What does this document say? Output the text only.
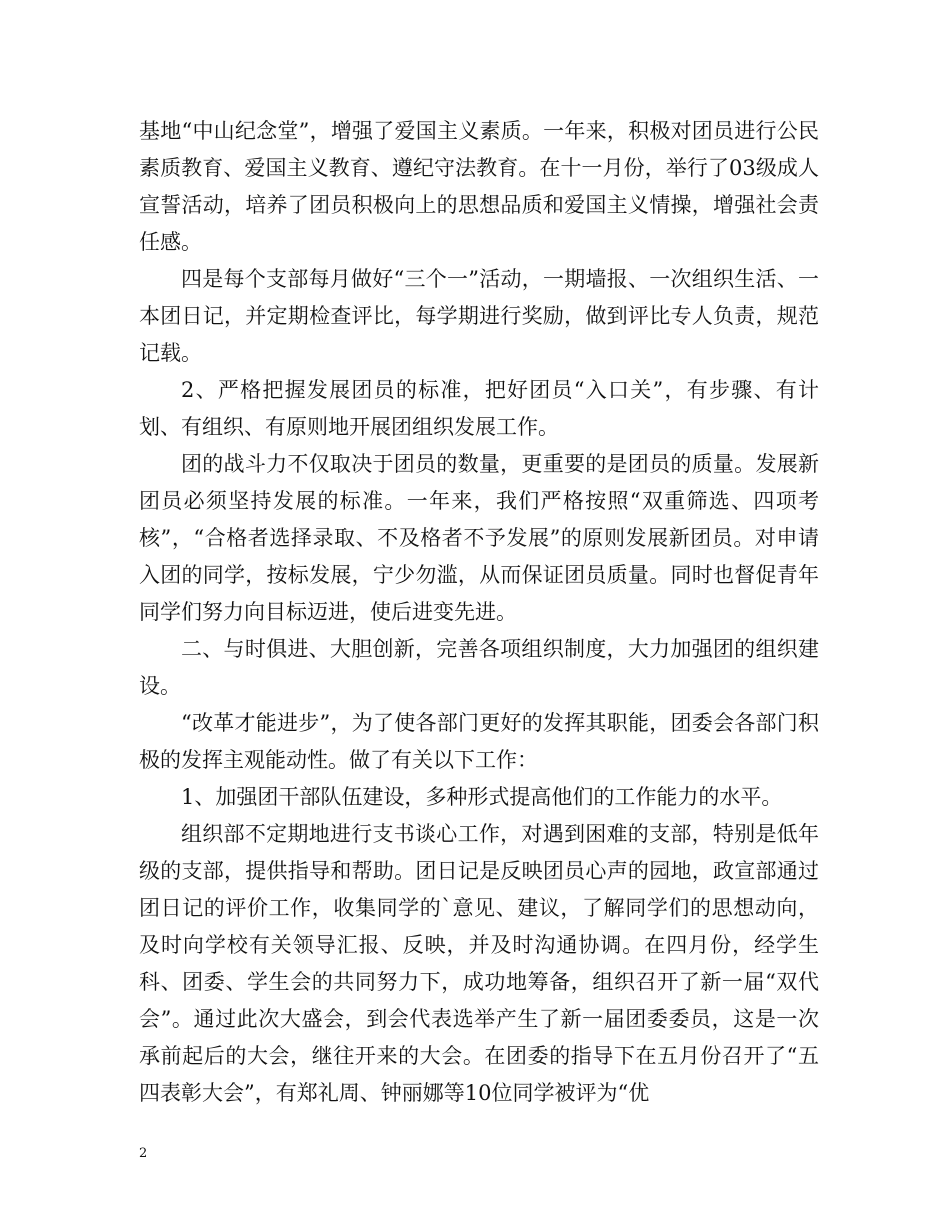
基地“中山纪念堂”，增强了爱国主义素质。一年来，积极对团员进行公民素质教育、爱国主义教育、遵纪守法教育。在十一月份，举行了03级成人宣誓活动，培养了团员积极向上的思想品质和爱国主义情操，增强社会责任感。

四是每个支部每月做好“三个一”活动，一期墙报、一次组织生活、一本团日记，并定期检查评比，每学期进行奖励，做到评比专人负责，规范记载。

2、严格把握发展团员的标准，把好团员“入口关”，有步骤、有计划、有组织、有原则地开展团组织发展工作。

团的战斗力不仅取决于团员的数量，更重要的是团员的质量。发展新团员必须坚持发展的标准。一年来，我们严格按照“双重筛选、四项考核”，“合格者选择录取、不及格者不予发展”的原则发展新团员。对申请入团的同学，按标发展，宁少勿滥，从而保证团员质量。同时也督促青年同学们努力向目标迈进，使后进变先进。

二、与时俱进、大胆创新，完善各项组织制度，大力加强团的组织建设。

“改革才能进步”，为了使各部门更好的发挥其职能，团委会各部门积极的发挥主观能动性。做了有关以下工作：

1、加强团干部队伍建设，多种形式提高他们的工作能力的水平。

组织部不定期地进行支书谈心工作，对遇到困难的支部，特别是低年级的支部，提供指导和帮助。团日记是反映团员心声的园地，政宣部通过团日记的评价工作，收集同学的`意见、建议，了解同学们的思想动向，及时向学校有关领导汇报、反映，并及时沟通协调。在四月份，经学生科、团委、学生会的共同努力下，成功地筹备，组织召开了新一届“双代会”。通过此次大盛会，到会代表选举产生了新一届团委委员，这是一次承前起后的大会，继往开来的大会。在团委的指导下在五月份召开了“五四表彰大会”，有郑礼周、钟丽娜等10位同学被评为“优

2
